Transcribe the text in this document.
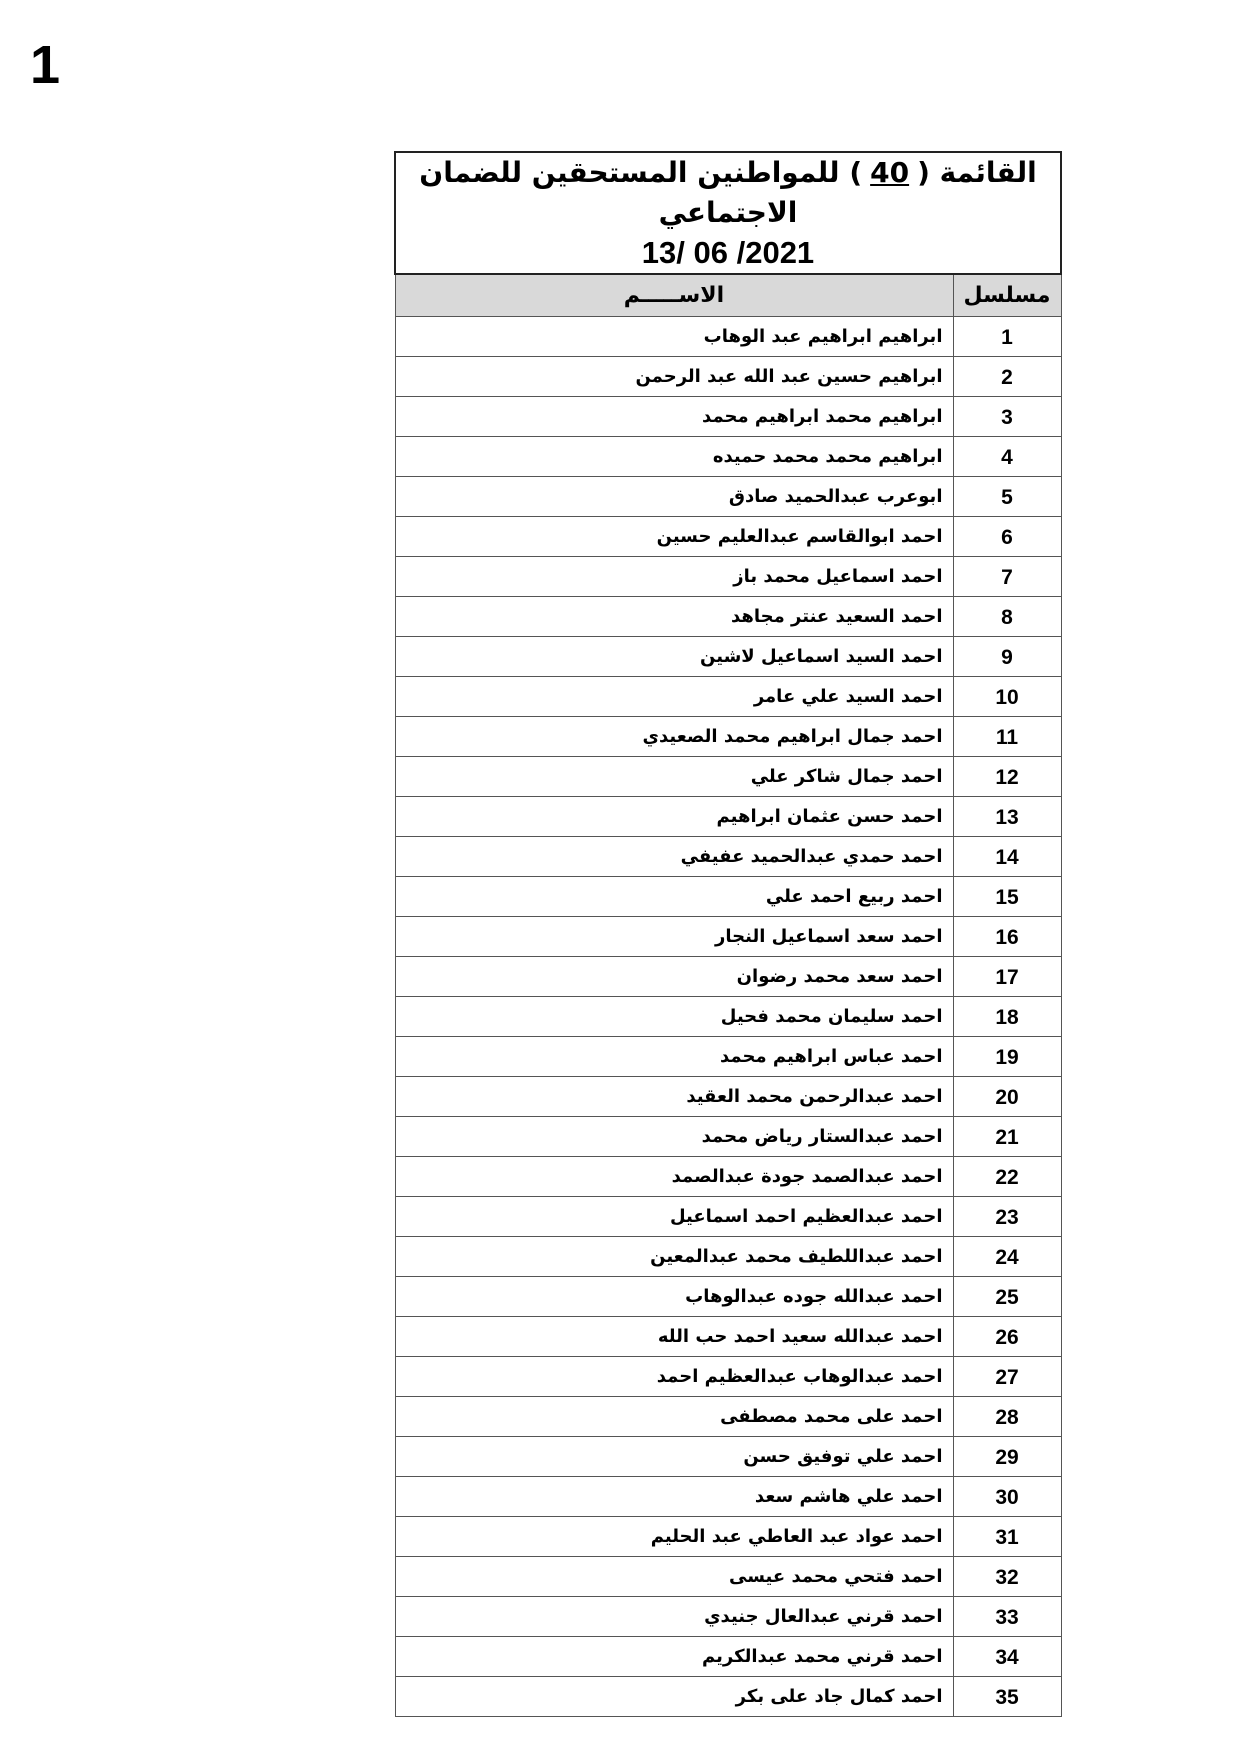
1
القائمة (40) للمواطنين المستحقين للضمان الاجتماعي
13/ 06 /2021	

مسلسل	الاســـــم
1	ابراهيم ابراهيم عبد الوهاب
2	ابراهيم حسين عبد الله عبد الرحمن
3	ابراهيم محمد ابراهيم محمد
4	ابراهيم محمد محمد حميده
5	ابوعرب عبدالحميد صادق
6	احمد ابوالقاسم عبدالعليم حسين
7	احمد اسماعيل محمد باز
8	احمد السعيد عنتر مجاهد
9	احمد السيد اسماعيل لاشين
10	احمد السيد علي عامر
11	احمد جمال ابراهيم محمد الصعيدي
12	احمد جمال شاكر علي
13	احمد حسن عثمان ابراهيم
14	احمد حمدي عبدالحميد عفيفي
15	احمد ربيع احمد علي
16	احمد سعد اسماعيل النجار
17	احمد سعد محمد رضوان
18	احمد سليمان محمد فحيل
19	احمد عباس ابراهيم محمد
20	احمد عبدالرحمن محمد العقيد
21	احمد عبدالستار رياض محمد
22	احمد عبدالصمد جودة عبدالصمد
23	احمد عبدالعظيم احمد اسماعيل
24	احمد عبداللطيف محمد عبدالمعين
25	احمد عبدالله جوده عبدالوهاب
26	احمد عبدالله سعيد احمد حب الله
27	احمد عبدالوهاب عبدالعظيم احمد
28	احمد على محمد مصطفى
29	احمد علي توفيق حسن
30	احمد علي هاشم سعد
31	احمد عواد عبد العاطي عبد الحليم
32	احمد فتحي محمد عيسى
33	احمد قرني عبدالعال جنيدي
34	احمد قرني محمد عبدالكريم
35	احمد كمال جاد على بكر
